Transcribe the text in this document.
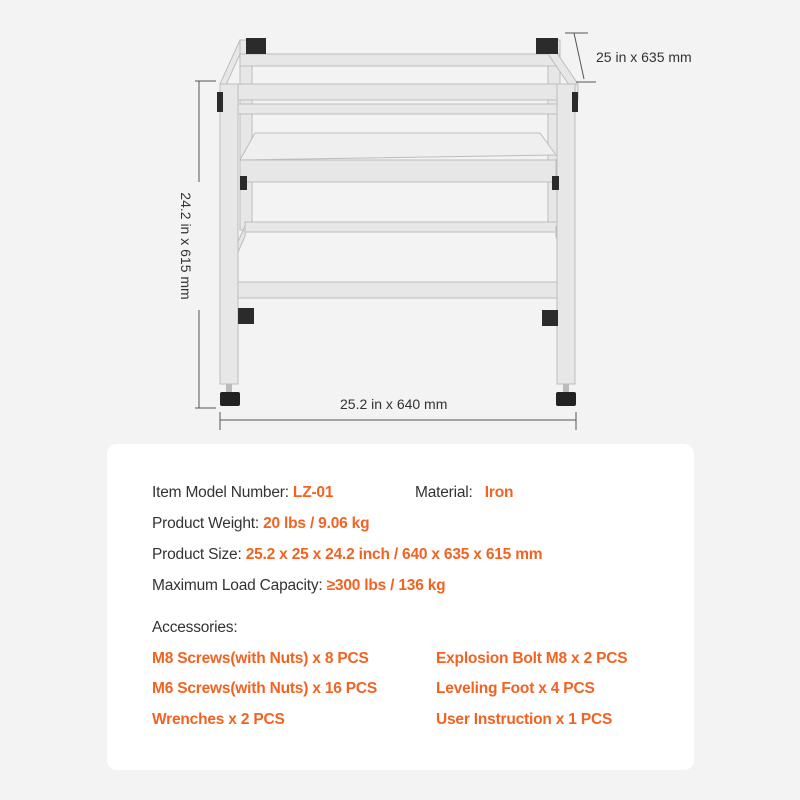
25 in x 635 mm
24.2 in x 615 mm
25.2 in x 640 mm
Item Model Number: LZ-01	Material: Iron
Product Weight: 20 lbs / 9.06 kg
Product Size: 25.2 x 25 x 24.2 inch / 640 x 635 x 615 mm
Maximum Load Capacity: ≥300 lbs / 136 kg
Accessories:
M8 Screws(with Nuts) x 8 PCS	Explosion Bolt M8 x 2 PCS
M6 Screws(with Nuts) x 16 PCS	Leveling Foot x 4 PCS
Wrenches x 2 PCS	User Instruction x 1 PCS
